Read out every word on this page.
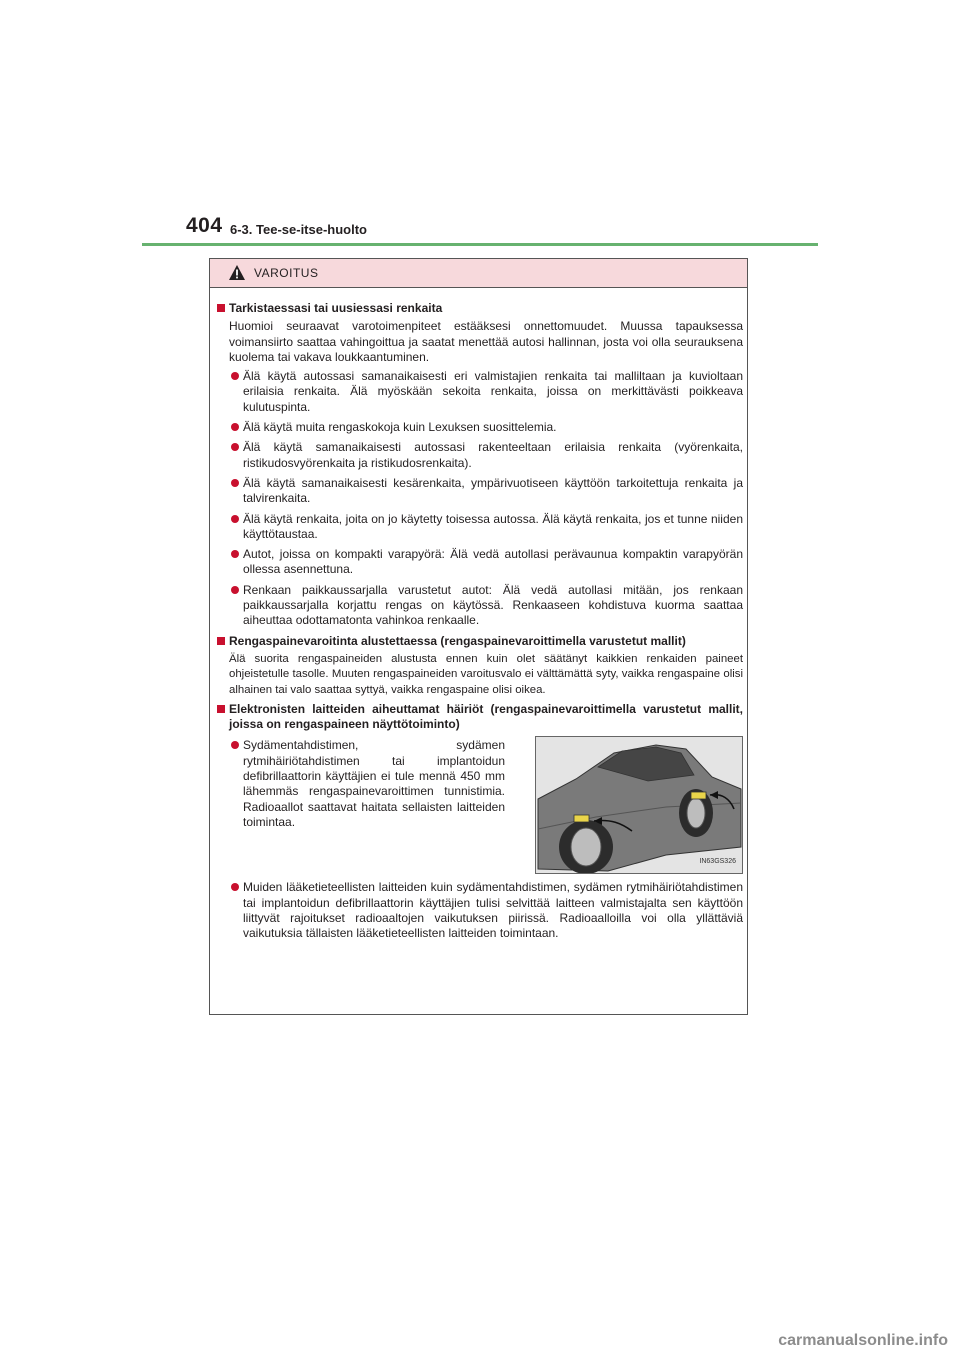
404 6-3. Tee-se-itse-huolto
VAROITUS
Tarkistaessasi tai uusiessasi renkaita
Huomioi seuraavat varotoimenpiteet estääksesi onnettomuudet. Muussa tapauksessa voimansiirto saattaa vahingoittua ja saatat menettää autosi hallinnan, josta voi olla seurauksena kuolema tai vakava loukkaantuminen.
Älä käytä autossasi samanaikaisesti eri valmistajien renkaita tai malliltaan ja kuvioltaan erilaisia renkaita. Älä myöskään sekoita renkaita, joissa on merkittävästi poikkeava kulutuspinta.
Älä käytä muita rengaskokoja kuin Lexuksen suosittelemia.
Älä käytä samanaikaisesti autossasi rakenteeltaan erilaisia renkaita (vyörenkaita, ristikudosvyörenkaita ja ristikudosrenkaita).
Älä käytä samanaikaisesti kesärenkaita, ympärivuotiseen käyttöön tarkoitettuja renkaita ja talvirenkaita.
Älä käytä renkaita, joita on jo käytetty toisessa autossa. Älä käytä renkaita, jos et tunne niiden käyttötaustaa.
Autot, joissa on kompakti varapyörä: Älä vedä autollasi perävaunua kompaktin varapyörän ollessa asennettuna.
Renkaan paikkaussarjalla varustetut autot: Älä vedä autollasi mitään, jos renkaan paikkaussarjalla korjattu rengas on käytössä. Renkaaseen kohdistuva kuorma saattaa aiheuttaa odottamatonta vahinkoa renkaalle.
Rengaspainevaroitinta alustettaessa (rengaspainevaroittimella varustetut mallit)
Älä suorita rengaspaineiden alustusta ennen kuin olet säätänyt kaikkien renkaiden paineet ohjeistetulle tasolle. Muuten rengaspaineiden varoitusvalo ei välttämättä syty, vaikka rengaspaine olisi alhainen tai valo saattaa syttyä, vaikka rengaspaine olisi oikea.
Elektronisten laitteiden aiheuttamat häiriöt (rengaspainevaroittimella varustetut mallit, joissa on rengaspaineen näyttötoiminto)
Sydämentahdistimen, sydämen rytmihäiriötahdistimen tai implantoidun defibrillaattorin käyttäjien ei tule mennä 450 mm lähemmäs rengaspainevaroittimen tunnistimia. Radioaallot saattavat haitata sellaisten laitteiden toimintaa.
IN63GS326
Muiden lääketieteellisten laitteiden kuin sydämentahdistimen, sydämen rytmihäiriötahdistimen tai implantoidun defibrillaattorin käyttäjien tulisi selvittää laitteen valmistajalta sen käyttöön liittyvät rajoitukset radioaaltojen vaikutuksen piirissä. Radioaalloilla voi olla yllättäviä vaikutuksia tällaisten lääketieteellisten laitteiden toimintaan.
carmanualsonline.info
